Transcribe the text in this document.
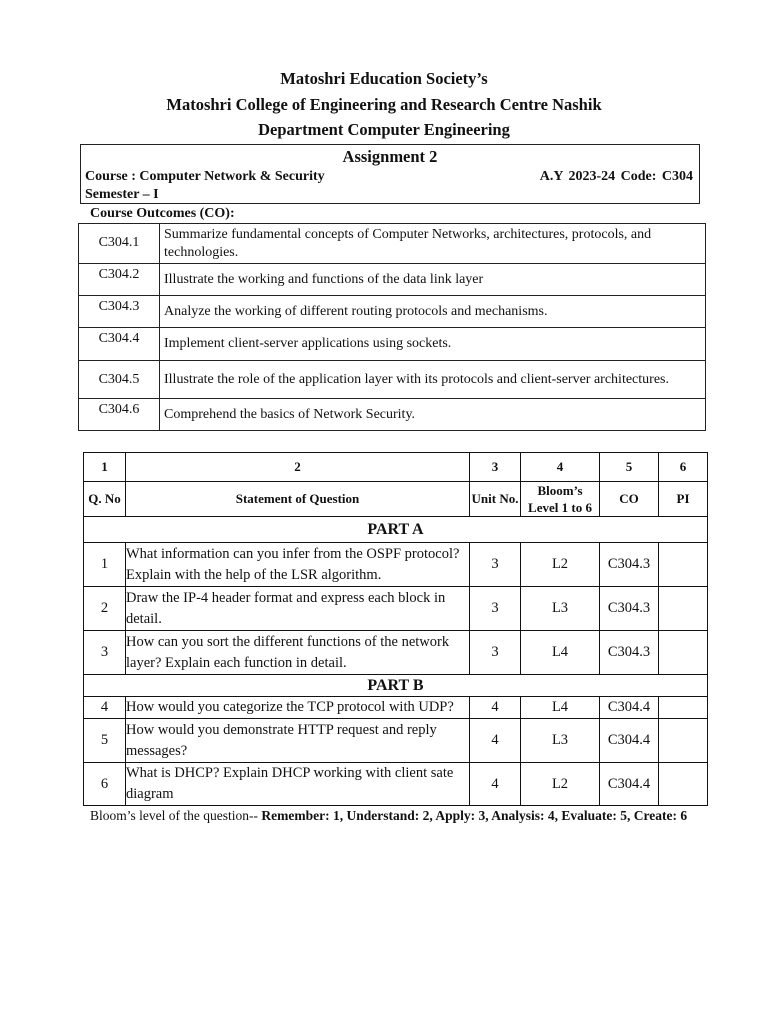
Matoshri Education Society’s
Matoshri College of Engineering and Research Centre Nashik
Department Computer Engineering
Assignment 2
Course : Computer Network & Security	A.Y 2023-24 Code: C304
Semester – I
Course Outcomes (CO):
C304.1	Summarize fundamental concepts of Computer Networks, architectures, protocols, and technologies.
C304.2	Illustrate the working and functions of the data link layer
C304.3	Analyze the working of different routing protocols and mechanisms.
C304.4	Implement client-server applications using sockets.
C304.5	Illustrate the role of the application layer with its protocols and client-server architectures.
C304.6	Comprehend the basics of Network Security.
1	2	3	4	5	6
Q. No	Statement of Question	Unit No.	Bloom’s Level 1 to 6	CO	PI
PART A					
1	What information can you infer from the OSPF protocol? Explain with the help of the LSR algorithm.	3	L2	C304.3	
2	Draw the IP-4 header format and express each block in detail.	3	L3	C304.3	
3	How can you sort the different functions of the network layer? Explain each function in detail.	3	L4	C304.3	
PART B					
4	How would you categorize the TCP protocol with UDP?	4	L4	C304.4	
5	How would you demonstrate HTTP request and reply messages?	4	L3	C304.4	
6	What is DHCP? Explain DHCP working with client sate diagram	4	L2	C304.4	
Bloom’s level of the question-- Remember: 1, Understand: 2, Apply: 3, Analysis: 4, Evaluate: 5, Create: 6
